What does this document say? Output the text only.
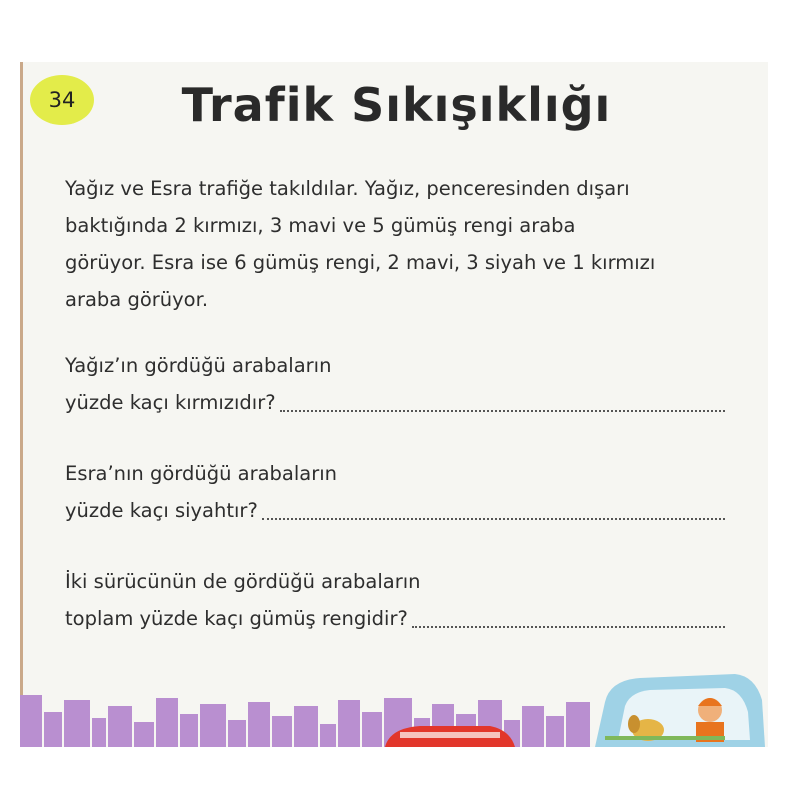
34	Trafik Sıkışıklığı
Yağız ve Esra trafiğe takıldılar. Yağız, penceresinden dışarı
baktığında 2 kırmızı, 3 mavi ve 5 gümüş rengi araba
görüyor. Esra ise 6 gümüş rengi, 2 mavi, 3 siyah ve 1 kırmızı
araba görüyor.
Yağız’ın gördüğü arabaların
yüzde kaçı kırmızıdır?
Esra’nın gördüğü arabaların
yüzde kaçı siyahtır?
İki sürücünün de gördüğü arabaların
toplam yüzde kaçı gümüş rengidir?
